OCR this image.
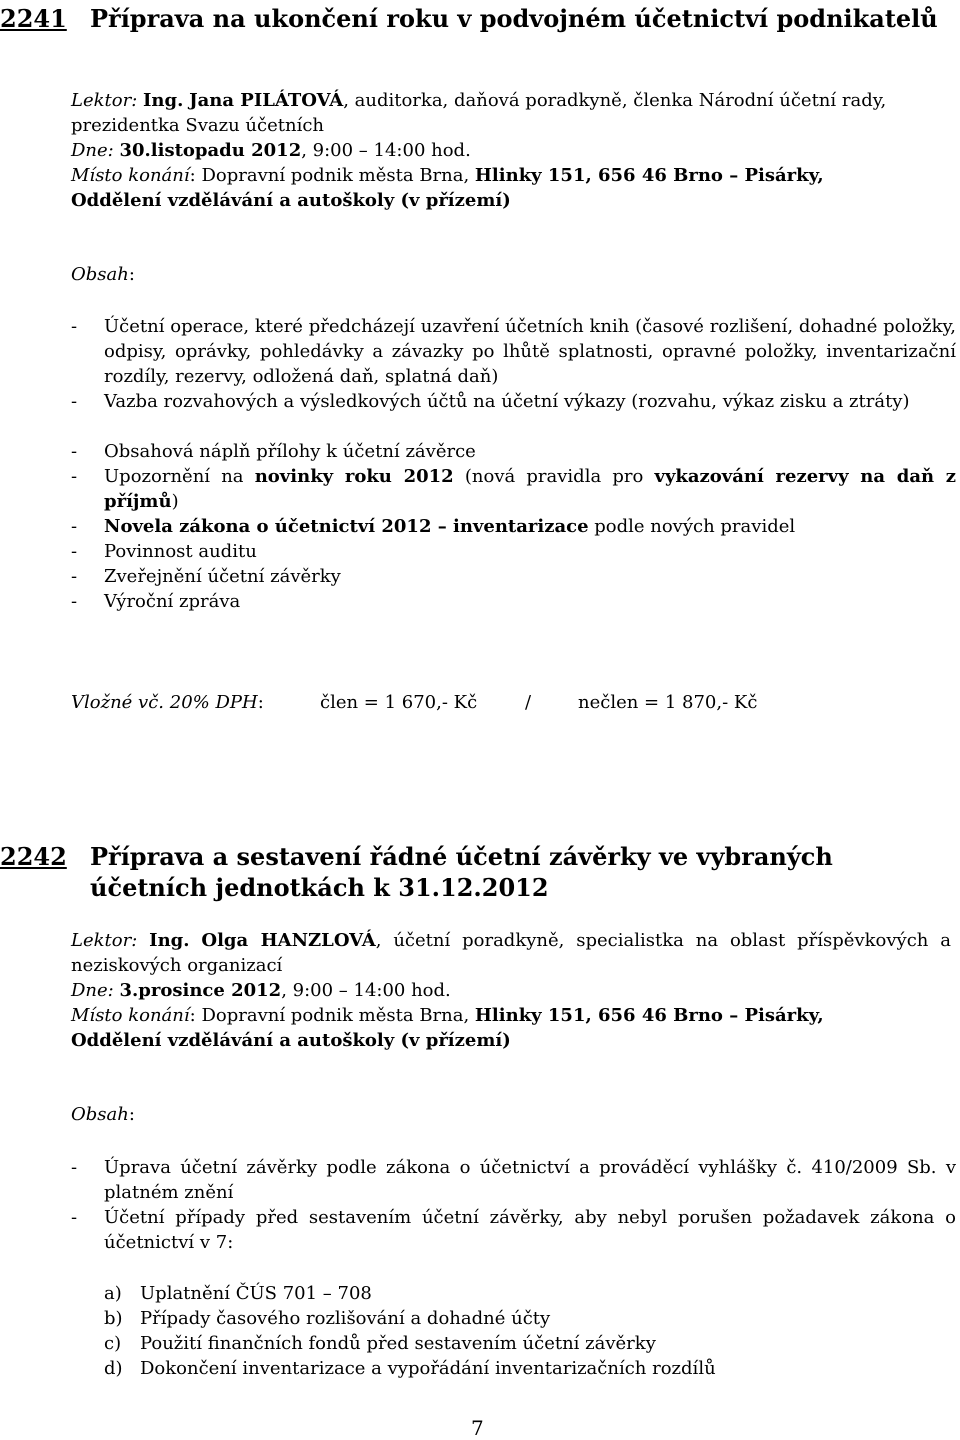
2241 Příprava na ukončení roku v podvojném účetnictví podnikatelů
Lektor: Ing. Jana PILÁTOVÁ, auditorka, daňová poradkyně, členka Národní účetní rady, prezidentka Svazu účetních
Dne: 30.listopadu 2012, 9:00 – 14:00 hod.
Místo konání: Dopravní podnik města Brna, Hlinky 151, 656 46 Brno – Pisárky,
Oddělení vzdělávání a autoškoly (v přízemí)
Obsah:
- Účetní operace, které předcházejí uzavření účetních knih (časové rozlišení, dohadné položky, odpisy, oprávky, pohledávky a závazky po lhůtě splatnosti, opravné položky, inventarizační rozdíly, rezervy, odložená daň, splatná daň)
- Vazba rozvahových a výsledkových účtů na účetní výkazy (rozvahu, výkaz zisku a ztráty)
- Obsahová náplň přílohy k účetní závěrce
- Upozornění na novinky roku 2012 (nová pravidla pro vykazování rezervy na daň z příjmů)
- Novela zákona o účetnictví 2012 – inventarizace podle nových pravidel
- Povinnost auditu
- Zveřejnění účetní závěrky
- Výroční zpráva
Vložné vč. 20% DPH:	člen = 1 670,- Kč	/	nečlen = 1 870,- Kč
2242 Příprava a sestavení řádné účetní závěrky ve vybraných účetních jednotkách k 31.12.2012
Lektor: Ing. Olga HANZLOVÁ, účetní poradkyně, specialistka na oblast příspěvkových a neziskových organizací
Dne: 3.prosince 2012, 9:00 – 14:00 hod.
Místo konání: Dopravní podnik města Brna, Hlinky 151, 656 46 Brno – Pisárky,
Oddělení vzdělávání a autoškoly (v přízemí)
Obsah:
- Úprava účetní závěrky podle zákona o účetnictví a prováděcí vyhlášky č. 410/2009 Sb. v platném znění
- Účetní případy před sestavením účetní závěrky, aby nebyl porušen požadavek zákona o účetnictví v 7:
a) Uplatnění ČÚS 701 – 708
b) Případy časového rozlišování a dohadné účty
c) Použití finančních fondů před sestavením účetní závěrky
d) Dokončení inventarizace a vypořádání inventarizačních rozdílů
7
